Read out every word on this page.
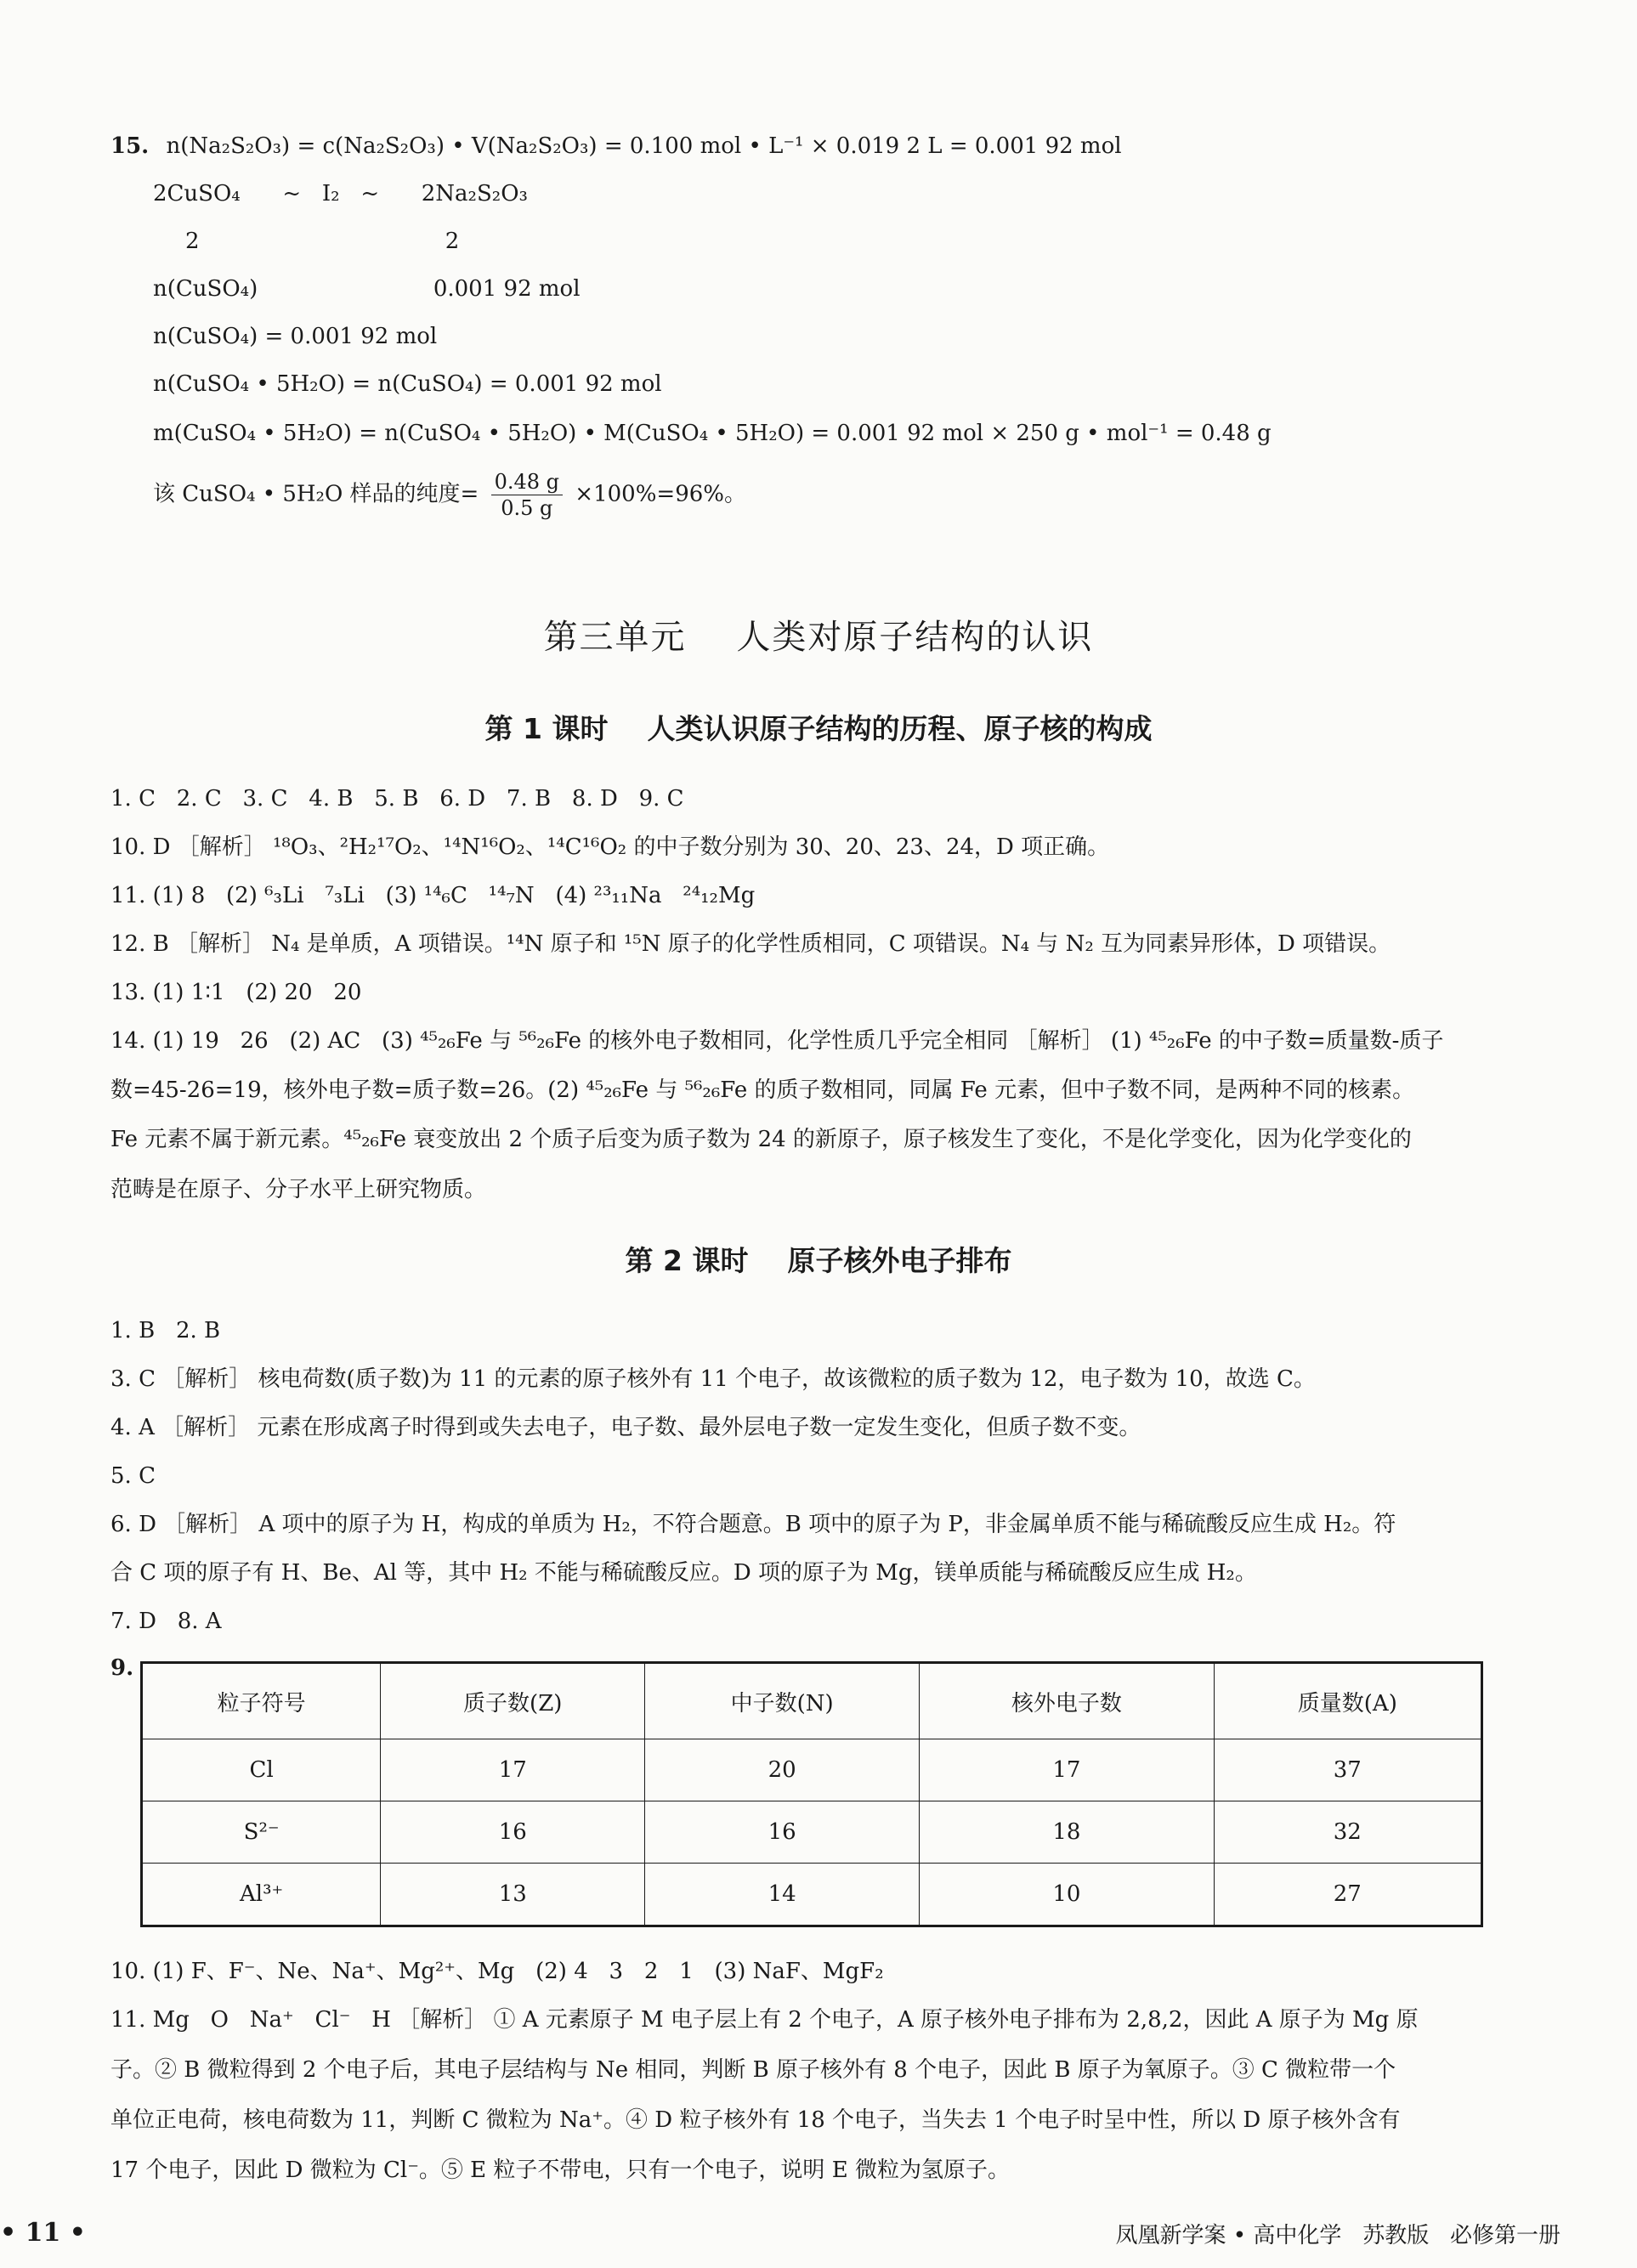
15. n(Na₂S₂O₃) = c(Na₂S₂O₃) • V(Na₂S₂O₃) = 0.100 mol • L⁻¹ × 0.019 2 L = 0.001 92 mol
2CuSO₄      ~   I₂   ~      2Na₂S₂O₃
2                                   2
n(CuSO₄)                         0.001 92 mol
n(CuSO₄) = 0.001 92 mol
n(CuSO₄ • 5H₂O) = n(CuSO₄) = 0.001 92 mol
m(CuSO₄ • 5H₂O) = n(CuSO₄ • 5H₂O) • M(CuSO₄ • 5H₂O) = 0.001 92 mol × 250 g • mol⁻¹ = 0.48 g
该 CuSO₄ • 5H₂O 样品的纯度= $\frac{0.48 g}{0.5 g} \times 100\%=96\%$。
第三单元    人类对原子结构的认识
第 1 课时    人类认识原子结构的历程、原子核的构成
1. C   2. C   3. C   4. B   5. B   6. D   7. B   8. D   9. C
10. D ［解析］ ¹⁸O₃、²H₂¹⁷O₂、¹⁴N¹⁶O₂、¹⁴C¹⁶O₂ 的中子数分别为 30、20、23、24，D 项正确。
11. (1) 8   (2) ⁶₃Li   ⁷₃Li   (3) ¹⁴₆C   ¹⁴₇N   (4) ²³₁₁Na   ²⁴₁₂Mg
12. B ［解析］ N₄ 是单质，A 项错误。¹⁴N 原子和 ¹⁵N 原子的化学性质相同，C 项错误。N₄ 与 N₂ 互为同素异形体，D 项错误。
13. (1) 1∶1   (2) 20   20
14. (1) 19   26   (2) AC   (3) ⁴⁵₂₆Fe 与 ⁵⁶₂₆Fe 的核外电子数相同，化学性质几乎完全相同 ［解析］ (1) ⁴⁵₂₆Fe 的中子数=质量数-质子
数=45-26=19，核外电子数=质子数=26。(2) ⁴⁵₂₆Fe 与 ⁵⁶₂₆Fe 的质子数相同，同属 Fe 元素，但中子数不同，是两种不同的核素。
Fe 元素不属于新元素。⁴⁵₂₆Fe 衰变放出 2 个质子后变为质子数为 24 的新原子，原子核发生了变化，不是化学变化，因为化学变化的
范畴是在原子、分子水平上研究物质。
第 2 课时    原子核外电子排布
1. B   2. B
3. C ［解析］ 核电荷数(质子数)为 11 的元素的原子核外有 11 个电子，故该微粒的质子数为 12，电子数为 10，故选 C。
4. A ［解析］ 元素在形成离子时得到或失去电子，电子数、最外层电子数一定发生变化，但质子数不变。
5. C
6. D ［解析］ A 项中的原子为 H，构成的单质为 H₂，不符合题意。B 项中的原子为 P，非金属单质不能与稀硫酸反应生成 H₂。符
合 C 项的原子有 H、Be、Al 等，其中 H₂ 不能与稀硫酸反应。D 项的原子为 Mg，镁单质能与稀硫酸反应生成 H₂。
7. D   8. A
9.
粒子符号	质子数(Z)	中子数(N)	核外电子数	质量数(A)
Cl	17	20	17	37
S²⁻	16	16	18	32
Al³⁺	13	14	10	27
10. (1) F、F⁻、Ne、Na⁺、Mg²⁺、Mg   (2) 4   3   2   1   (3) NaF、MgF₂
11. Mg   O   Na⁺   Cl⁻   H ［解析］ ① A 元素原子 M 电子层上有 2 个电子，A 原子核外电子排布为 2,8,2，因此 A 原子为 Mg 原
子。② B 微粒得到 2 个电子后，其电子层结构与 Ne 相同，判断 B 原子核外有 8 个电子，因此 B 原子为氧原子。③ C 微粒带一个
单位正电荷，核电荷数为 11，判断 C 微粒为 Na⁺。④ D 粒子核外有 18 个电子，当失去 1 个电子时呈中性，所以 D 原子核外含有
17 个电子，因此 D 微粒为 Cl⁻。⑤ E 粒子不带电，只有一个电子，说明 E 微粒为氢原子。
• 11 •	凤凰新学案 • 高中化学   苏教版   必修第一册
